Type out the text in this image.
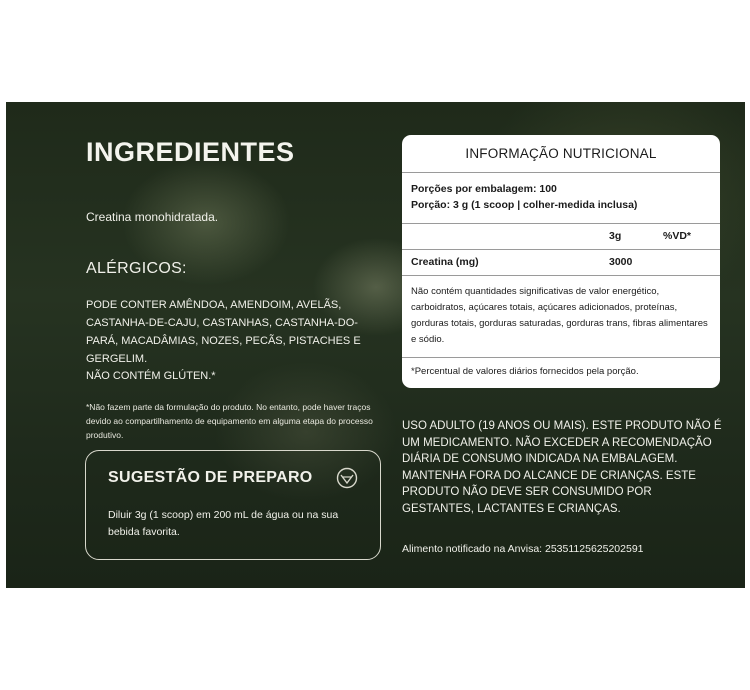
INGREDIENTES
Creatina monohidratada.
ALÉRGICOS:
PODE CONTER AMÊNDOA, AMENDOIM, AVELÃS, CASTANHA-DE-CAJU, CASTANHAS, CASTANHA-DO-PARÁ, MACADÂMIAS, NOZES, PECÃS, PISTACHES E GERGELIM.
NÃO CONTÉM GLÚTEN.*
*Não fazem parte da formulação do produto. No entanto, pode haver traços devido ao compartilhamento de equipamento em alguma etapa do processo produtivo.
SUGESTÃO DE PREPARO
Diluir 3g (1 scoop) em 200 mL de água ou na sua bebida favorita.
INFORMAÇÃO NUTRICIONAL
Porções por embalagem: 100
Porção: 3 g (1 scoop | colher-medida inclusa)
3g	%VD*
Creatina (mg)	3000
Não contém quantidades significativas de valor energético, carboidratos, açúcares totais, açúcares adicionados, proteínas, gorduras totais, gorduras saturadas, gorduras trans, fibras alimentares e sódio.
*Percentual de valores diários fornecidos pela porção.
USO ADULTO (19 ANOS OU MAIS). ESTE PRODUTO NÃO É UM MEDICAMENTO. NÃO EXCEDER A RECOMENDAÇÃO DIÁRIA DE CONSUMO INDICADA NA EMBALAGEM. MANTENHA FORA DO ALCANCE DE CRIANÇAS. ESTE PRODUTO NÃO DEVE SER CONSUMIDO POR GESTANTES, LACTANTES E CRIANÇAS.
Alimento notificado na Anvisa: 25351125625202591
